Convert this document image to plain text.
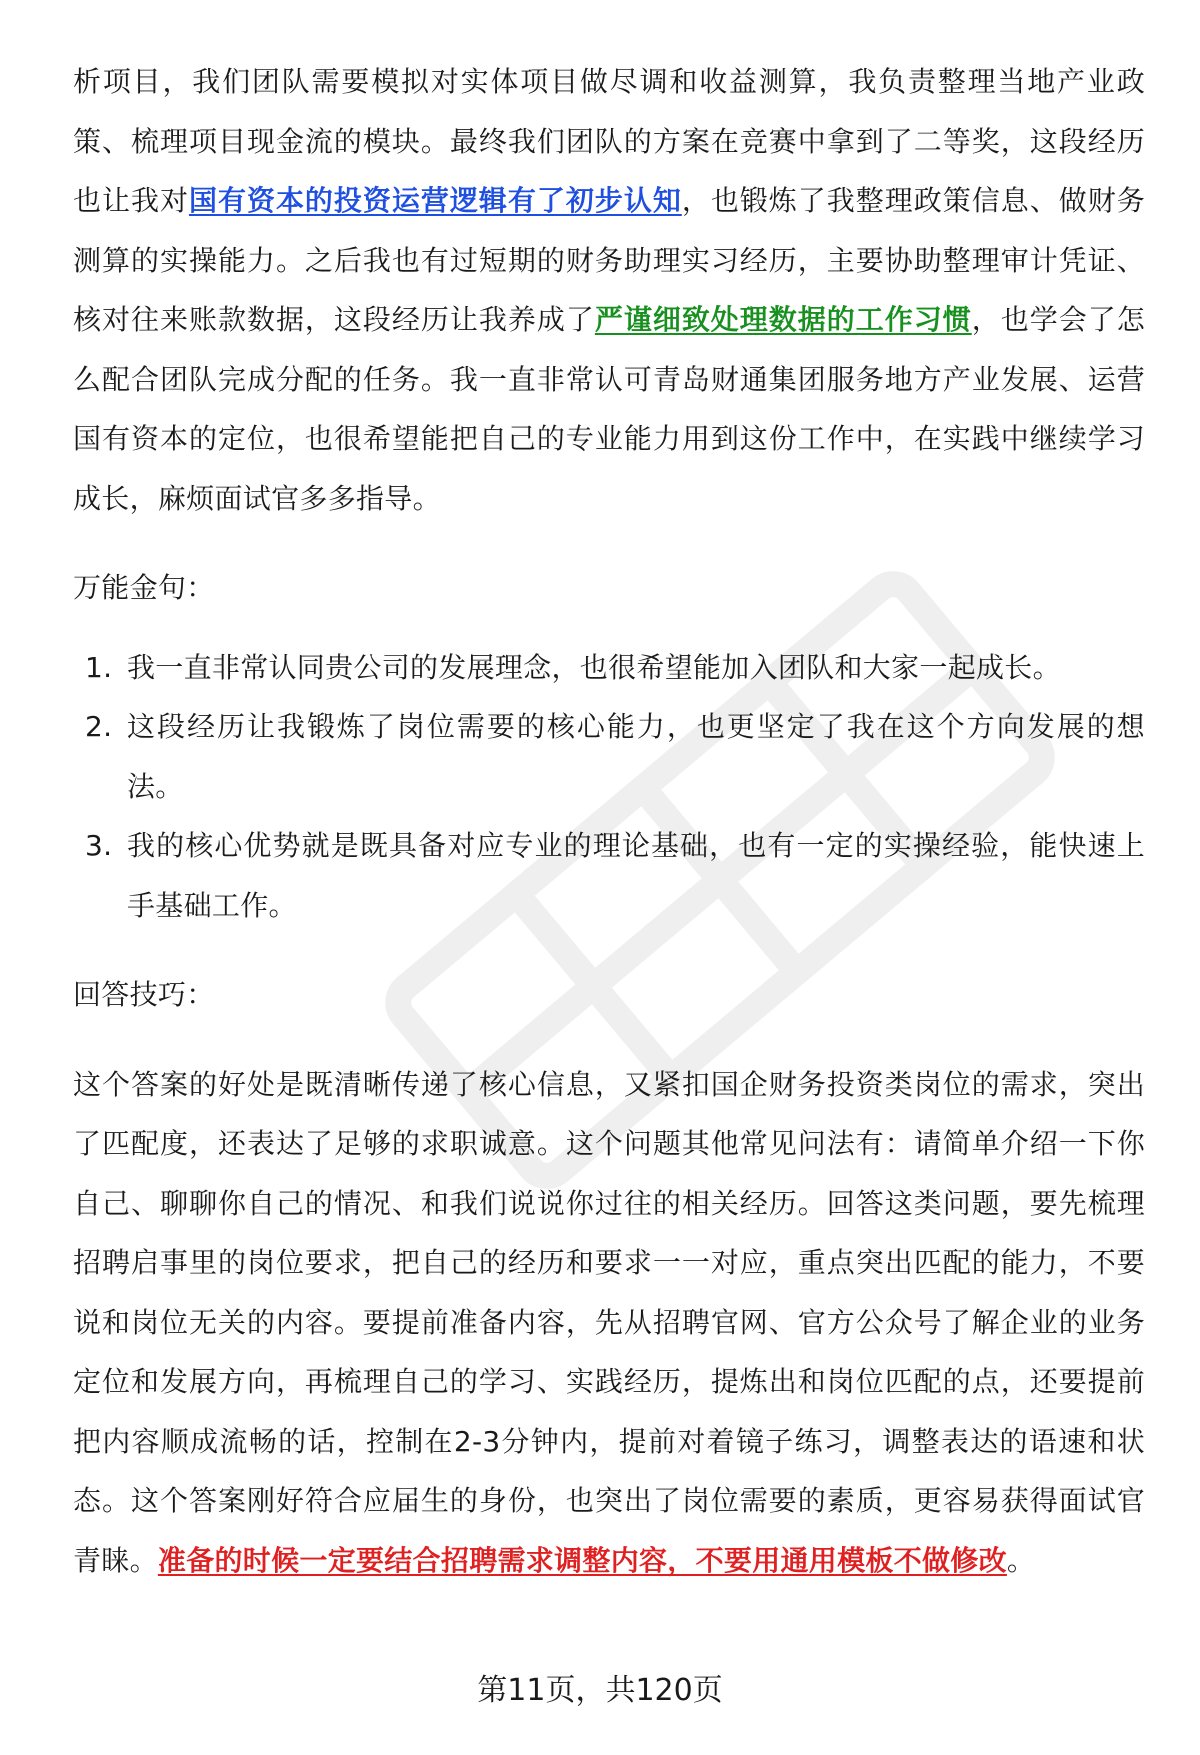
析项目，我们团队需要模拟对实体项目做尽调和收益测算，我负责整理当地产业政策、梳理项目现金流的模块。最终我们团队的方案在竞赛中拿到了二等奖，这段经历也让我对国有资本的投资运营逻辑有了初步认知，也锻炼了我整理政策信息、做财务测算的实操能力。之后我也有过短期的财务助理实习经历，主要协助整理审计凭证、核对往来账款数据，这段经历让我养成了严谨细致处理数据的工作习惯，也学会了怎么配合团队完成分配的任务。我一直非常认可青岛财通集团服务地方产业发展、运营国有资本的定位，也很希望能把自己的专业能力用到这份工作中，在实践中继续学习成长，麻烦面试官多多指导。

万能金句：

1. 我一直非常认同贵公司的发展理念，也很希望能加入团队和大家一起成长。
2. 这段经历让我锻炼了岗位需要的核心能力，也更坚定了我在这个方向发展的想法。
3. 我的核心优势就是既具备对应专业的理论基础，也有一定的实操经验，能快速上手基础工作。

回答技巧：

这个答案的好处是既清晰传递了核心信息，又紧扣国企财务投资类岗位的需求，突出了匹配度，还表达了足够的求职诚意。这个问题其他常见问法有：请简单介绍一下你自己、聊聊你自己的情况、和我们说说你过往的相关经历。回答这类问题，要先梳理招聘启事里的岗位要求，把自己的经历和要求一一对应，重点突出匹配的能力，不要说和岗位无关的内容。要提前准备内容，先从招聘官网、官方公众号了解企业的业务定位和发展方向，再梳理自己的学习、实践经历，提炼出和岗位匹配的点，还要提前把内容顺成流畅的话，控制在2-3分钟内，提前对着镜子练习，调整表达的语速和状态。这个答案刚好符合应届生的身份，也突出了岗位需要的素质，更容易获得面试官青睐。准备的时候一定要结合招聘需求调整内容，不要用通用模板不做修改。

第11页，共120页
